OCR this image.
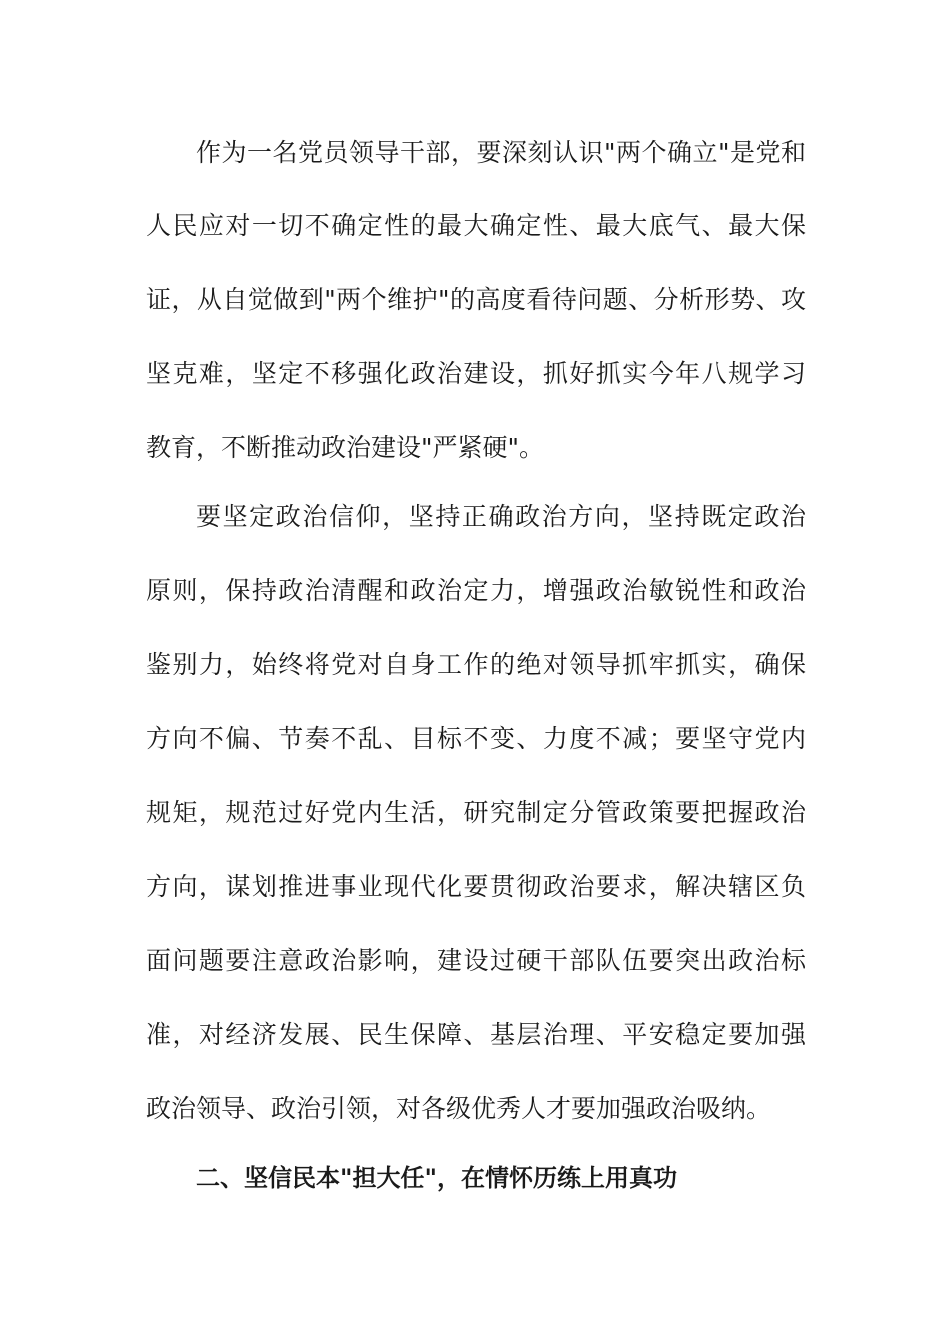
作为一名党员领导干部，要深刻认识"两个确立"是党和
人民应对一切不确定性的最大确定性、最大底气、最大保
证，从自觉做到"两个维护"的高度看待问题、分析形势、攻
坚克难，坚定不移强化政治建设，抓好抓实今年八规学习
教育，不断推动政治建设"严紧硬"。
要坚定政治信仰，坚持正确政治方向，坚持既定政治
原则，保持政治清醒和政治定力，增强政治敏锐性和政治
鉴别力，始终将党对自身工作的绝对领导抓牢抓实，确保
方向不偏、节奏不乱、目标不变、力度不减；要坚守党内
规矩，规范过好党内生活，研究制定分管政策要把握政治
方向，谋划推进事业现代化要贯彻政治要求，解决辖区负
面问题要注意政治影响，建设过硬干部队伍要突出政治标
准，对经济发展、民生保障、基层治理、平安稳定要加强
政治领导、政治引领，对各级优秀人才要加强政治吸纳。
二、坚信民本"担大任"，在情怀历练上用真功
